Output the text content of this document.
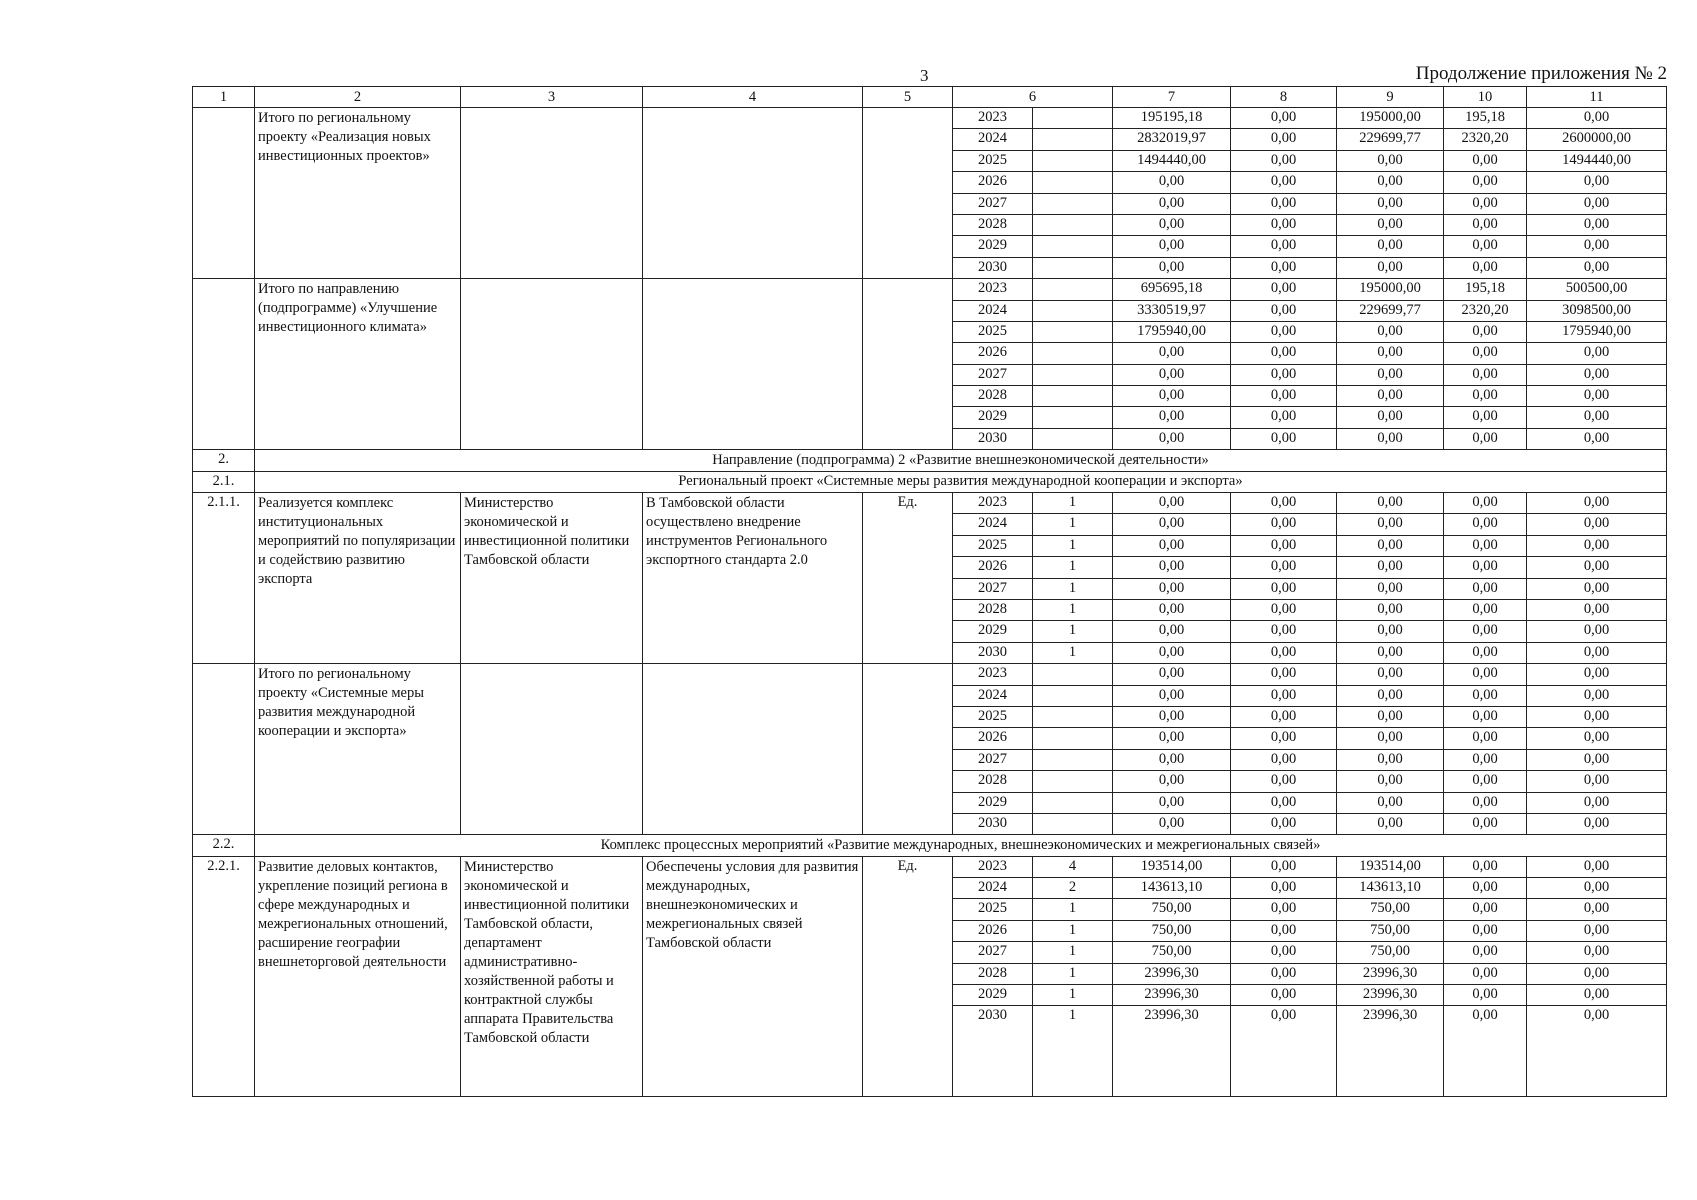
3	Продолжение приложения № 2
1	2	3	4	5	6		7	8	9	10	11
	Итого по региональному проекту «Реализация новых инвестиционных проектов»				2023		195195,18	0,00	195000,00	195,18	0,00
					2024		2832019,97	0,00	229699,77	2320,20	2600000,00
					2025		1494440,00	0,00	0,00	0,00	1494440,00
					2026		0,00	0,00	0,00	0,00	0,00
					2027		0,00	0,00	0,00	0,00	0,00
					2028		0,00	0,00	0,00	0,00	0,00
					2029		0,00	0,00	0,00	0,00	0,00
					2030		0,00	0,00	0,00	0,00	0,00
	Итого по направлению (подпрограмме) «Улучшение инвестиционного климата»				2023		695695,18	0,00	195000,00	195,18	500500,00
					2024		3330519,97	0,00	229699,77	2320,20	3098500,00
					2025		1795940,00	0,00	0,00	0,00	1795940,00
					2026		0,00	0,00	0,00	0,00	0,00
					2027		0,00	0,00	0,00	0,00	0,00
					2028		0,00	0,00	0,00	0,00	0,00
					2029		0,00	0,00	0,00	0,00	0,00
					2030		0,00	0,00	0,00	0,00	0,00
2.	Направление (подпрограмма) 2 «Развитие внешнеэкономической деятельности»										
2.1.	Региональный проект «Системные меры развития международной кооперации и экспорта»										
2.1.1.	Реализуется комплекс институциональных мероприятий по популяризации и содействию развитию экспорта	Министерство экономической и инвестиционной политики Тамбовской области	В Тамбовской области осуществлено внедрение инструментов Регионального экспортного стандарта 2.0	Ед.	2023	1	0,00	0,00	0,00	0,00	0,00
					2024	1	0,00	0,00	0,00	0,00	0,00
					2025	1	0,00	0,00	0,00	0,00	0,00
					2026	1	0,00	0,00	0,00	0,00	0,00
					2027	1	0,00	0,00	0,00	0,00	0,00
					2028	1	0,00	0,00	0,00	0,00	0,00
					2029	1	0,00	0,00	0,00	0,00	0,00
					2030	1	0,00	0,00	0,00	0,00	0,00
	Итого по региональному проекту «Системные меры развития международной кооперации и экспорта»				2023		0,00	0,00	0,00	0,00	0,00
					2024		0,00	0,00	0,00	0,00	0,00
					2025		0,00	0,00	0,00	0,00	0,00
					2026		0,00	0,00	0,00	0,00	0,00
					2027		0,00	0,00	0,00	0,00	0,00
					2028		0,00	0,00	0,00	0,00	0,00
					2029		0,00	0,00	0,00	0,00	0,00
					2030		0,00	0,00	0,00	0,00	0,00
2.2.	Комплекс процессных мероприятий «Развитие международных, внешнеэкономических и межрегиональных связей»										
2.2.1.	Развитие деловых контактов, укрепление позиций региона в сфере международных и межрегиональных отношений, расширение географии внешнеторговой деятельности	Министерство экономической и инвестиционной политики Тамбовской области, департамент административно-хозяйственной работы и контрактной службы аппарата Правительства Тамбовской области	Обеспечены условия для развития международных, внешнеэкономических и межрегиональных связей Тамбовской области	Ед.	2023	4	193514,00	0,00	193514,00	0,00	0,00
					2024	2	143613,10	0,00	143613,10	0,00	0,00
					2025	1	750,00	0,00	750,00	0,00	0,00
					2026	1	750,00	0,00	750,00	0,00	0,00
					2027	1	750,00	0,00	750,00	0,00	0,00
					2028	1	23996,30	0,00	23996,30	0,00	0,00
					2029	1	23996,30	0,00	23996,30	0,00	0,00
					2030	1	23996,30	0,00	23996,30	0,00	0,00
